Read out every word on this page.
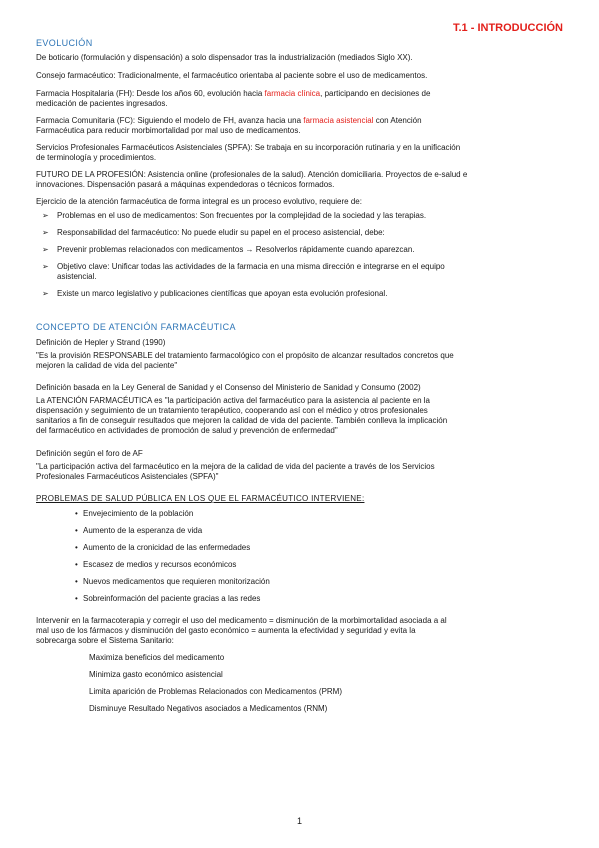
T.1 - INTRODUCCIÓN
EVOLUCIÓN
De boticario (formulación y dispensación) a solo dispensador tras la industrialización (mediados Siglo XX).
Consejo farmacéutico: Tradicionalmente, el farmacéutico orientaba al paciente sobre el uso de medicamentos.
Farmacia Hospitalaria (FH): Desde los años 60, evolución hacia farmacia clínica, participando en decisiones de
medicación de pacientes ingresados.
Farmacia Comunitaria (FC): Siguiendo el modelo de FH, avanza hacia una farmacia asistencial con Atención
Farmacéutica para reducir morbimortalidad por mal uso de medicamentos.
Servicios Profesionales Farmacéuticos Asistenciales (SPFA): Se trabaja en su incorporación rutinaria y en la unificación
de terminología y procedimientos.
FUTURO DE LA PROFESIÓN: Asistencia online (profesionales de la salud). Atención domiciliaria. Proyectos de e-salud e
innovaciones. Dispensación pasará a máquinas expendedoras o técnicos formados.
Ejercicio de la atención farmacéutica de forma integral es un proceso evolutivo, requiere de:
➢ Problemas en el uso de medicamentos: Son frecuentes por la complejidad de la sociedad y las terapias.
➢ Responsabilidad del farmacéutico: No puede eludir su papel en el proceso asistencial, debe:
➢ Prevenir problemas relacionados con medicamentos → Resolverlos rápidamente cuando aparezcan.
➢ Objetivo clave: Unificar todas las actividades de la farmacia en una misma dirección e integrarse en el equipo
asistencial.
➢ Existe un marco legislativo y publicaciones científicas que apoyan esta evolución profesional.
CONCEPTO DE ATENCIÓN FARMACÉUTICA
Definición de Hepler y Strand (1990)
"Es la provisión RESPONSABLE del tratamiento farmacológico con el propósito de alcanzar resultados concretos que
mejoren la calidad de vida del paciente"
Definición basada en la Ley General de Sanidad y el Consenso del Ministerio de Sanidad y Consumo (2002)
La ATENCIÓN FARMACÉUTICA es "la participación activa del farmacéutico para la asistencia al paciente en la
dispensación y seguimiento de un tratamiento terapéutico, cooperando así con el médico y otros profesionales
sanitarios a fin de conseguir resultados que mejoren la calidad de vida del paciente. También conlleva la implicación
del farmacéutico en actividades de promoción de salud y prevención de enfermedad"
Definición según el foro de AF
"La participación activa del farmacéutico en la mejora de la calidad de vida del paciente a través de los Servicios
Profesionales Farmacéuticos Asistenciales (SPFA)"
PROBLEMAS DE SALUD PÚBLICA EN LOS QUE EL FARMACÉUTICO INTERVIENE:
• Envejecimiento de la población
• Aumento de la esperanza de vida
• Aumento de la cronicidad de las enfermedades
• Escasez de medios y recursos económicos
• Nuevos medicamentos que requieren monitorización
• Sobreinformación del paciente gracias a las redes
Intervenir en la farmacoterapia y corregir el uso del medicamento = disminución de la morbimortalidad asociada a al
mal uso de los fármacos y disminución del gasto económico = aumenta la efectividad y seguridad y evita la
sobrecarga sobre el Sistema Sanitario:
Maximiza beneficios del medicamento
Minimiza gasto económico asistencial
Limita aparición de Problemas Relacionados con Medicamentos (PRM)
Disminuye Resultado Negativos asociados a Medicamentos (RNM)
1
